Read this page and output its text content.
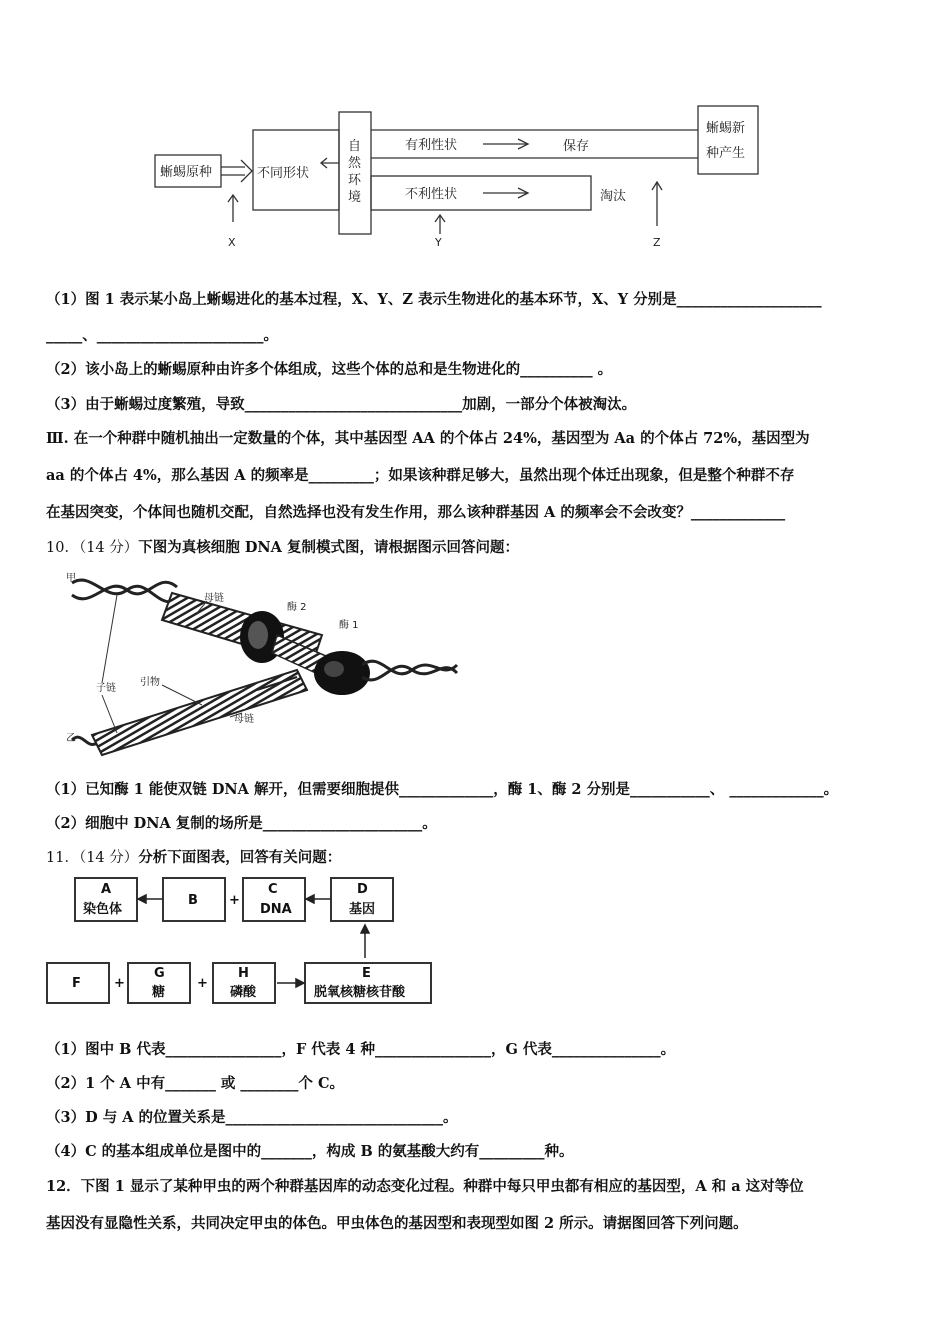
蜥蜴原种	不同形状
自
然
环
境
有利性状
不利性状
保存
淘汰
蜥蜴新
种产生
X	Y	Z
（1）图 1 表示某小岛上蜥蜴进化的基本过程，X、Y、Z 表示生物进化的基本环节，X、Y 分别是____________________
_____、_______________________。
（2）该小岛上的蜥蜴原种由许多个体组成，这些个体的总和是生物进化的__________ 。
（3）由于蜥蜴过度繁殖，导致______________________________加剧，一部分个体被淘汰。
Ⅲ. 在一个种群中随机抽出一定数量的个体，其中基因型 AA 的个体占 24%，基因型为 Aa 的个体占 72%，基因型为
aa 的个体占 4%，那么基因 A 的频率是_________；如果该种群足够大，虽然出现个体迁出现象，但是整个种群不存
在基因突变，个体间也随机交配，自然选择也没有发生作用，那么该种群基因 A 的频率会不会改变？_____________
10．（14 分）下图为真核细胞 DNA 复制模式图，请根据图示回答问题：
甲
母链
酶 2
酶 1
子链
引物
母链
乙
（1）已知酶 1 能使双链 DNA 解开，但需要细胞提供_____________，酶 1、酶 2 分别是___________、 _____________。
（2）细胞中 DNA 复制的场所是______________________。
11．（14 分）分析下面图表，回答有关问题：
A
染色体
B +
C
DNA
D
基因
F	+
G
糖
+
H
磷酸
E
脱氧核糖核苷酸
（1）图中 B 代表________________，F 代表 4 种________________，G 代表_______________。
（2）1 个 A 中有_______ 或 ________个 C。
（3）D 与 A 的位置关系是______________________________。
（4）C 的基本组成单位是图中的_______，构成 B 的氨基酸大约有_________种。
12．下图 1 显示了某种甲虫的两个种群基因库的动态变化过程。种群中每只甲虫都有相应的基因型，A 和 a 这对等位
基因没有显隐性关系，共同决定甲虫的体色。甲虫体色的基因型和表现型如图 2 所示。请据图回答下列问题。
